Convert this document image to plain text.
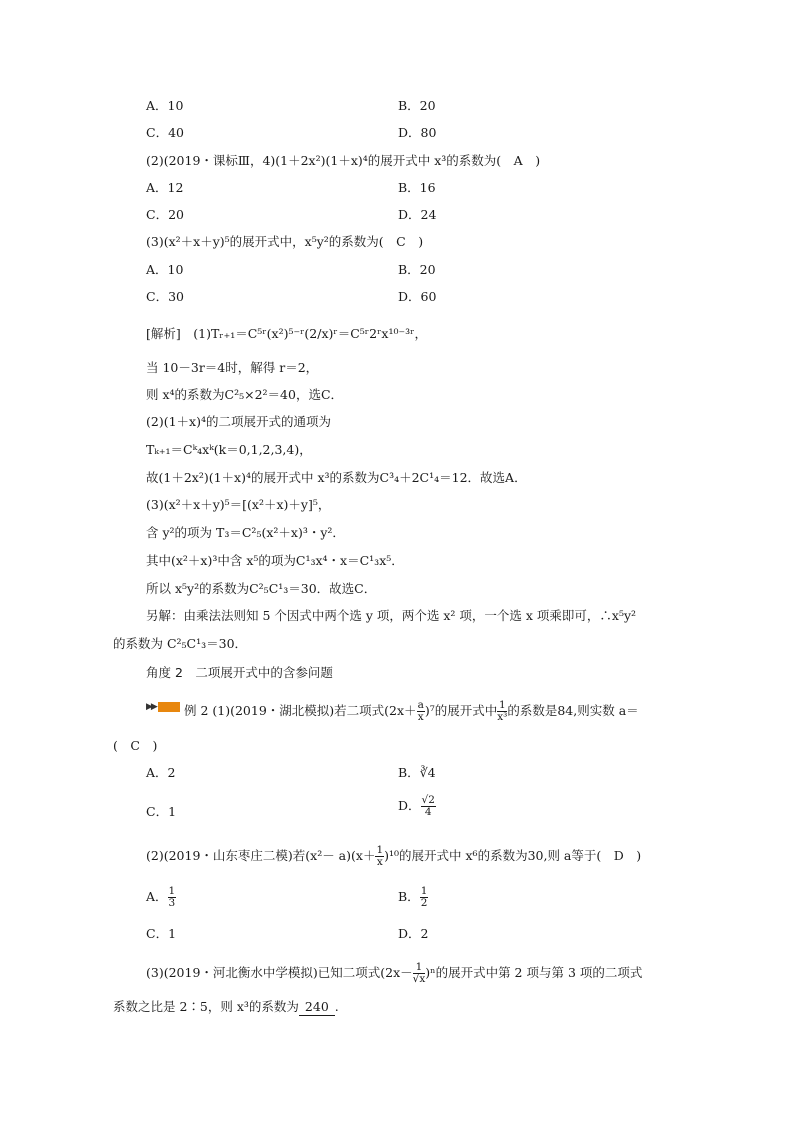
A．10	B．20
C．40	D．80
(2)(2019・课标Ⅲ，4)(1＋2x²)(1＋x)⁴的展开式中 x³的系数为(　A　)
A．12	B．16
C．20	D．24
(3)(x²＋x＋y)⁵的展开式中，x⁵y²的系数为(　C　)
A．10	B．20
C．30	D．60
[解析]　(1)Tᵣ₊₁＝C⁵ʳ(x²)⁵⁻ʳ(2/x)ʳ＝C⁵ʳ2ʳx¹⁰⁻³ʳ，
当 10－3r＝4时，解得 r＝2，
则 x⁴的系数为C²₅×2²＝40，选C．
(2)(1＋x)⁴的二项展开式的通项为
Tₖ₊₁＝Cᵏ₄xᵏ(k＝0,1,2,3,4)，
故(1＋2x²)(1＋x)⁴的展开式中 x³的系数为C³₄＋2C¹₄＝12．故选A．
(3)(x²＋x＋y)⁵＝[(x²＋x)＋y]⁵，
含 y²的项为 T₃＝C²₅(x²＋x)³・y²．
其中(x²＋x)³中含 x⁵的项为C¹₃x⁴・x＝C¹₃x⁵．
所以 x⁵y²的系数为C²₅C¹₃＝30．故选C．
另解：由乘法法则知 5 个因式中两个选 y 项，两个选 x² 项，一个选 x 项乘即可，∴x⁵y²
的系数为 C²₅C¹₃＝30．
角度 2　二项展开式中的含参问题
▶▶ 例 2 (1)(2019・湖北模拟)若二项式$(2x+ \frac{a}{x} )^7$的展开式中 $\frac{1}{\text{x³}}$ 的系数是84,则实数 a＝
(　C　)
A．2	B．∛4
C．1	D． $\frac{√2}{4}$
(2)(2019・山东枣庄二模)若$(x^2- a)(x+ \frac{1}{x} )^{10}$的展开式中 x⁶的系数为30,则 a等于(　D　)
A． $\frac{1}{3}$	B． $\frac{1}{2}$
C．1	D．2
(3)(2019・河北衡水中学模拟)已知二项式$(2x- \frac{1}{√x} )^n$的展开式中第 2 项与第 3 项的二项式
系数之比是 2∶5，则 x³的系数为 240 .
